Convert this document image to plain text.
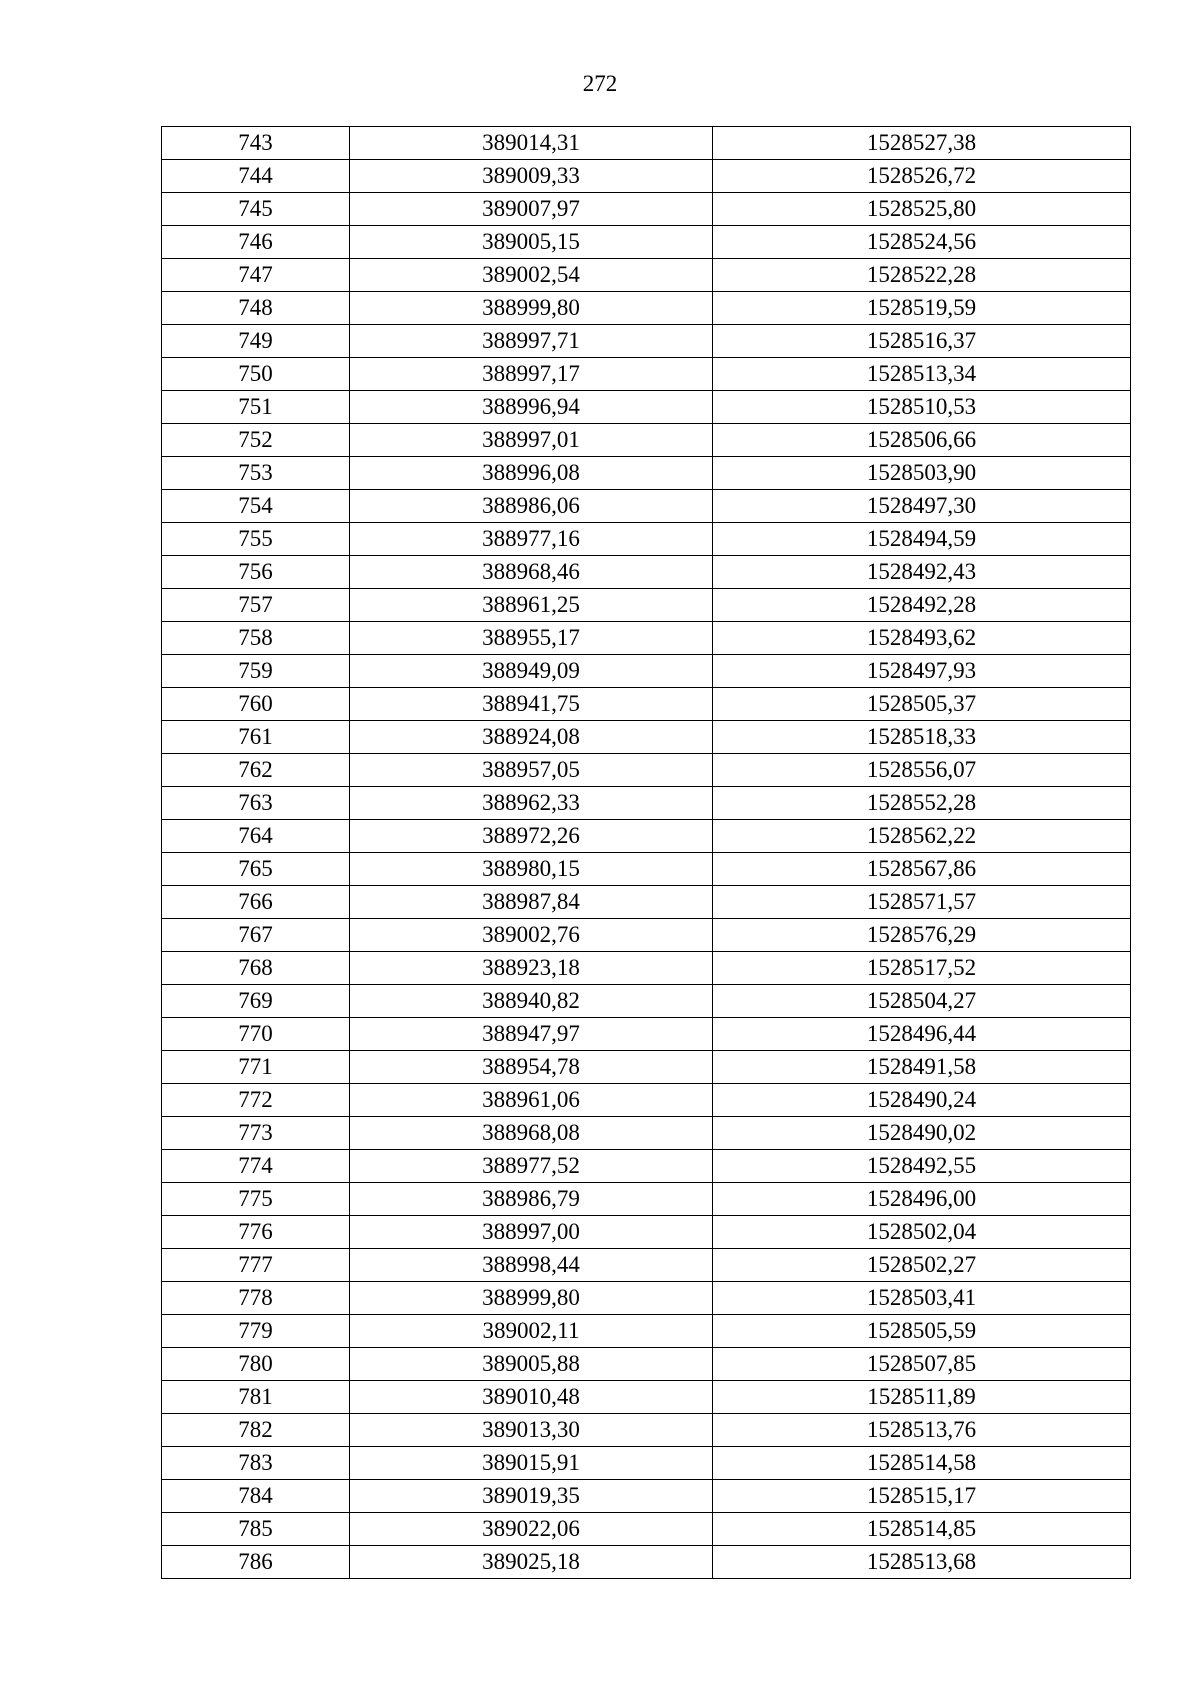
272
743	389014,31	1528527,38
744	389009,33	1528526,72
745	389007,97	1528525,80
746	389005,15	1528524,56
747	389002,54	1528522,28
748	388999,80	1528519,59
749	388997,71	1528516,37
750	388997,17	1528513,34
751	388996,94	1528510,53
752	388997,01	1528506,66
753	388996,08	1528503,90
754	388986,06	1528497,30
755	388977,16	1528494,59
756	388968,46	1528492,43
757	388961,25	1528492,28
758	388955,17	1528493,62
759	388949,09	1528497,93
760	388941,75	1528505,37
761	388924,08	1528518,33
762	388957,05	1528556,07
763	388962,33	1528552,28
764	388972,26	1528562,22
765	388980,15	1528567,86
766	388987,84	1528571,57
767	389002,76	1528576,29
768	388923,18	1528517,52
769	388940,82	1528504,27
770	388947,97	1528496,44
771	388954,78	1528491,58
772	388961,06	1528490,24
773	388968,08	1528490,02
774	388977,52	1528492,55
775	388986,79	1528496,00
776	388997,00	1528502,04
777	388998,44	1528502,27
778	388999,80	1528503,41
779	389002,11	1528505,59
780	389005,88	1528507,85
781	389010,48	1528511,89
782	389013,30	1528513,76
783	389015,91	1528514,58
784	389019,35	1528515,17
785	389022,06	1528514,85
786	389025,18	1528513,68
